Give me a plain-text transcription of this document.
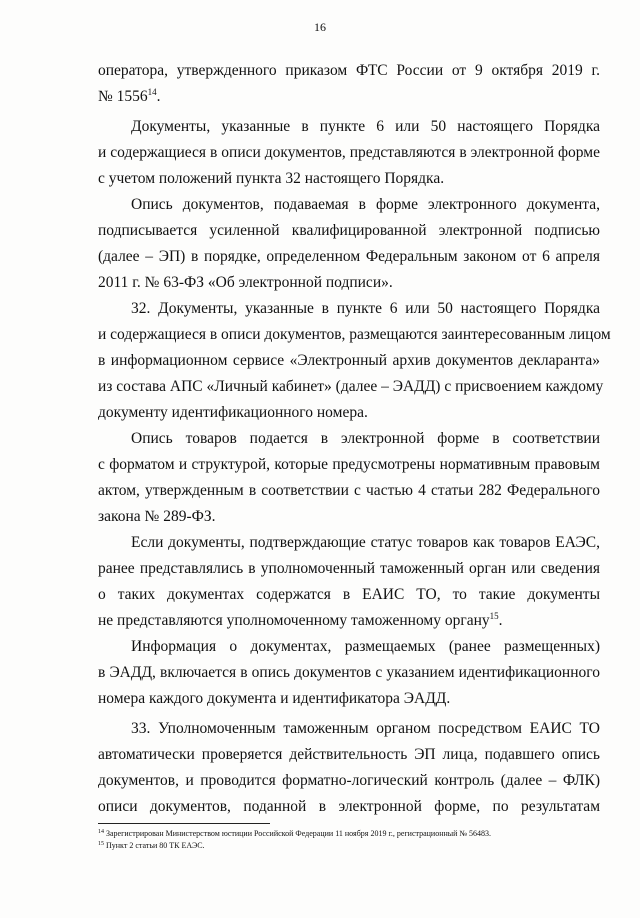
16
оператора, утвержденного приказом ФТС России от 9 октября 2019 г.
№ 1556$^{14}$.
Документы, указанные в пункте 6 или 50 настоящего Порядка
и содержащиеся в описи документов, представляются в электронной форме
с учетом положений пункта 32 настоящего Порядка.
Опись документов, подаваемая в форме электронного документа,
подписывается усиленной квалифицированной электронной подписью
(далее – ЭП) в порядке, определенном Федеральным законом от 6 апреля
2011 г. № 63-ФЗ «Об электронной подписи».
32. Документы, указанные в пункте 6 или 50 настоящего Порядка
и содержащиеся в описи документов, размещаются заинтересованным лицом
в информационном сервисе «Электронный архив документов декларанта»
из состава АПС «Личный кабинет» (далее – ЭАДД) с присвоением каждому
документу идентификационного номера.
Опись товаров подается в электронной форме в соответствии
с форматом и структурой, которые предусмотрены нормативным правовым
актом, утвержденным в соответствии с частью 4 статьи 282 Федерального
закона № 289-ФЗ.
Если документы, подтверждающие статус товаров как товаров ЕАЭС,
ранее представлялись в уполномоченный таможенный орган или сведения
о таких документах содержатся в ЕАИС ТО, то такие документы
не представляются уполномоченному таможенному органу$^{15}$.
Информация о документах, размещаемых (ранее размещенных)
в ЭАДД, включается в опись документов с указанием идентификационного
номера каждого документа и идентификатора ЭАДД.
33. Уполномоченным таможенным органом посредством ЕАИС ТО
автоматически проверяется действительность ЭП лица, подавшего опись
документов, и проводится форматно-логический контроль (далее – ФЛК)
описи документов, поданной в электронной форме, по результатам
$^{14}$ Зарегистрирован Министерством юстиции Российской Федерации 11 ноября 2019 г., регистрационный № 56483.
$^{15}$ Пункт 2 статьи 80 ТК ЕАЭС.
